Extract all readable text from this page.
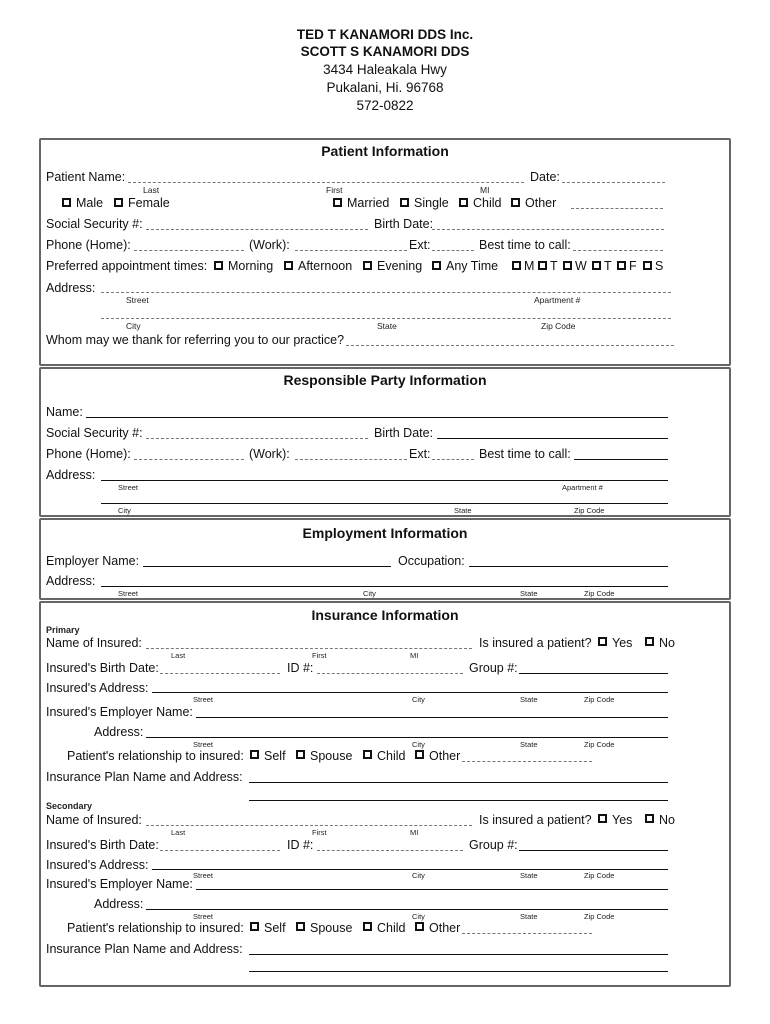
TED T KANAMORI DDS Inc.
SCOTT S KANAMORI DDS
3434 Haleakala Hwy
Pukalani, Hi. 96768
572-0822
Patient Information
Patient Name:	Date:
Last	First	MI
Male Female	Married Single Child Other
Social Security #:	Birth Date:
Phone (Home):	(Work):	Ext:	Best time to call:
Preferred appointment times: Morning Afternoon Evening Any Time M T W T F S
Address:
Street	Apartment #
City	State	Zip Code
Whom may we thank for referring you to our practice?
Responsible Party Information
Name:
Social Security #:	Birth Date:
Phone (Home):	(Work):	Ext:	Best time to call:
Address:
Street	Apartment #
City	State	Zip Code
Employment Information
Employer Name:	Occupation:
Address:
Street	City	State	Zip Code
Insurance Information
Primary
Name of Insured:	Is insured a patient? Yes No
Last	First	MI
Insured's Birth Date:	ID #:	Group #:
Insured's Address:
Street	City	State	Zip Code
Insured's Employer Name:
Address:
Street	City	State	Zip Code
Patient's relationship to insured: Self Spouse Child Other
Insurance Plan Name and Address:
Secondary
Name of Insured:	Is insured a patient? Yes No
Last	First	MI
Insured's Birth Date:	ID #:	Group #:
Insured's Address:
Street	City	State	Zip Code
Insured's Employer Name:
Address:
Street	City	State	Zip Code
Patient's relationship to insured: Self Spouse Child Other
Insurance Plan Name and Address:
